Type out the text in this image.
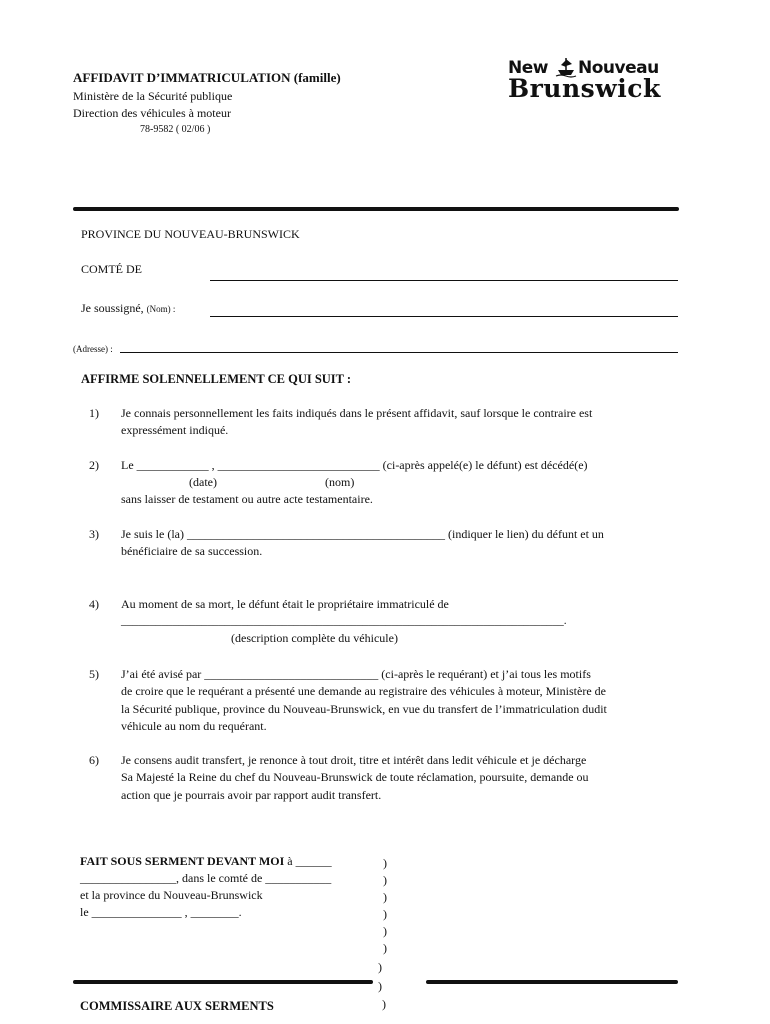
AFFIDAVIT D’IMMATRICULATION (famille)
Ministère de la Sécurité publique
Direction des véhicules à moteur
78-9582 ( 02/06 )
New Nouveau
Brunswick
PROVINCE DU NOUVEAU-BRUNSWICK
COMTÉ DE
Je soussigné, (Nom) :
(Adresse) :
AFFIRME SOLENNELLEMENT CE QUI SUIT :
1) Je connais personnellement les faits indiqués dans le présent affidavit, sauf lorsque le contraire est
expressément indiqué.
2) Le ____________ , ___________________________ (ci-après appelé(e) le défunt) est décédé(e)
(date)	(nom)
sans laisser de testament ou autre acte testamentaire.
3) Je suis le (la) ___________________________________________ (indiquer le lien) du défunt et un
bénéficiaire de sa succession.
4) Au moment de sa mort, le défunt était le propriétaire immatriculé de
_____________________________________________________________________________.
(description complète du véhicule)
5) J’ai été avisé par _____________________________ (ci-après le requérant) et j’ai tous les motifs
de croire que le requérant a présenté une demande au registraire des véhicules à moteur, Ministère de
la Sécurité publique, province du Nouveau-Brunswick, en vue du transfert de l’immatriculation dudit
véhicule au nom du requérant.
6) Je consens audit transfert, je renonce à tout droit, titre et intérêt dans ledit véhicule et je décharge
Sa Majesté la Reine du chef du Nouveau-Brunswick de toute réclamation, poursuite, demande ou
action que je pourrais avoir par rapport audit transfert.
FAIT SOUS SERMENT DEVANT MOI à ______
________________, dans le comté de ___________
et la province du Nouveau-Brunswick
le _______________ , ________.
)
)
)
)
)
)
)
)
)
COMMISSAIRE AUX SERMENTS
